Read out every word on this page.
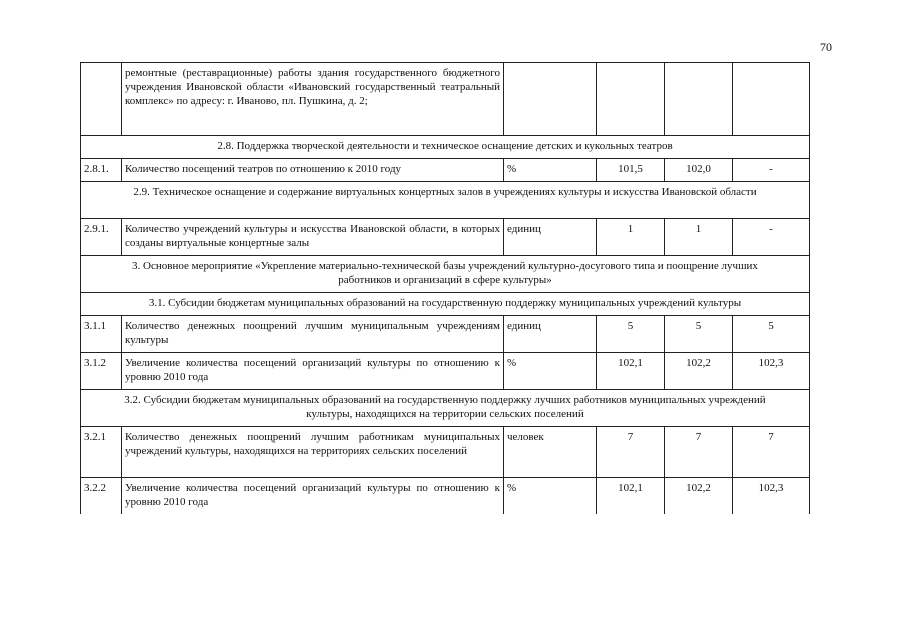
70
	ремонтные (реставрационные) работы здания государственного бюджетного учреждения Ивановской области «Ивановский государственный театральный комплекс» по адресу: г. Иваново, пл. Пушкина, д. 2;				
2.8. Поддержка творческой деятельности и техническое оснащение детских и кукольных театров					
2.8.1.	Количество посещений театров по отношению к 2010 году	%	101,5	102,0	-
2.9. Техническое оснащение и содержание виртуальных концертных залов в учреждениях культуры и искусства Ивановской области					
2.9.1.	Количество учреждений культуры и искусства Ивановской области, в которых созданы виртуальные концертные залы	единиц	1	1	-
3. Основное мероприятие «Укрепление материально-технической базы учреждений культурно-досугового типа и поощрение лучших работников и организаций в сфере культуры»					
3.1. Субсидии бюджетам муниципальных образований на государственную поддержку муниципальных учреждений культуры					
3.1.1	Количество денежных поощрений лучшим муниципальным учреждениям культуры	единиц	5	5	5
3.1.2	Увеличение количества посещений организаций культуры по отношению к уровню 2010 года	%	102,1	102,2	102,3
3.2. Субсидии бюджетам муниципальных образований на государственную поддержку лучших работников муниципальных учреждений культуры, находящихся на территории сельских поселений					
3.2.1	Количество денежных поощрений лучшим работникам муниципальных учреждений культуры, находящихся на территориях сельских поселений	человек	7	7	7
3.2.2	Увеличение количества посещений организаций культуры по отношению к уровню 2010 года	%	102,1	102,2	102,3
